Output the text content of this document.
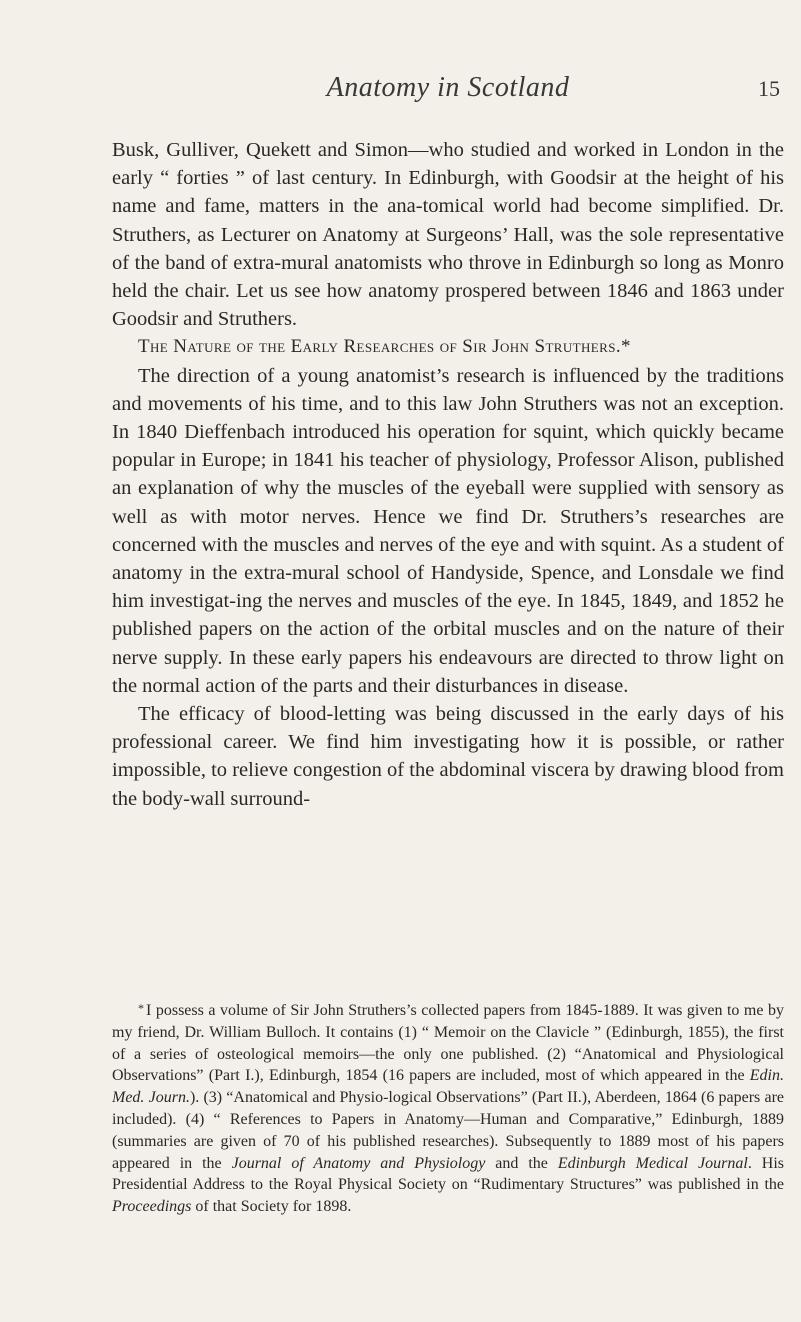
Anatomy in Scotland	15

Busk, Gulliver, Quekett and Simon—who studied and worked in London in the early “ forties ” of last century. In Edinburgh, with Goodsir at the height of his name and fame, matters in the ana-tomical world had become simplified. Dr. Struthers, as Lecturer on Anatomy at Surgeons’ Hall, was the sole representative of the band of extra-mural anatomists who throve in Edinburgh so long as Monro held the chair. Let us see how anatomy prospered between 1846 and 1863 under Goodsir and Struthers.

The Nature of the Early Researches of Sir John Struthers.*

The direction of a young anatomist’s research is influenced by the traditions and movements of his time, and to this law John Struthers was not an exception. In 1840 Dieffenbach introduced his operation for squint, which quickly became popular in Europe; in 1841 his teacher of physiology, Professor Alison, published an explanation of why the muscles of the eyeball were supplied with sensory as well as with motor nerves. Hence we find Dr. Struthers’s researches are concerned with the muscles and nerves of the eye and with squint. As a student of anatomy in the extra-mural school of Handyside, Spence, and Lonsdale we find him investigat-ing the nerves and muscles of the eye. In 1845, 1849, and 1852 he published papers on the action of the orbital muscles and on the nature of their nerve supply. In these early papers his endeavours are directed to throw light on the normal action of the parts and their disturbances in disease.

The efficacy of blood-letting was being discussed in the early days of his professional career. We find him investigating how it is possible, or rather impossible, to relieve congestion of the abdominal viscera by drawing blood from the body-wall surround-

* I possess a volume of Sir John Struthers’s collected papers from 1845-1889. It was given to me by my friend, Dr. William Bulloch. It contains (1) “ Memoir on the Clavicle ” (Edinburgh, 1855), the first of a series of osteological memoirs—the only one published. (2) “Anatomical and Physiological Observations” (Part I.), Edinburgh, 1854 (16 papers are included, most of which appeared in the Edin. Med. Journ.). (3) “Anatomical and Physio-logical Observations” (Part II.), Aberdeen, 1864 (6 papers are included). (4) “ References to Papers in Anatomy—Human and Comparative,” Edinburgh, 1889 (summaries are given of 70 of his published researches). Subsequently to 1889 most of his papers appeared in the Journal of Anatomy and Physiology and the Edinburgh Medical Journal. His Presidential Address to the Royal Physical Society on “Rudimentary Structures” was published in the Proceedings of that Society for 1898.
